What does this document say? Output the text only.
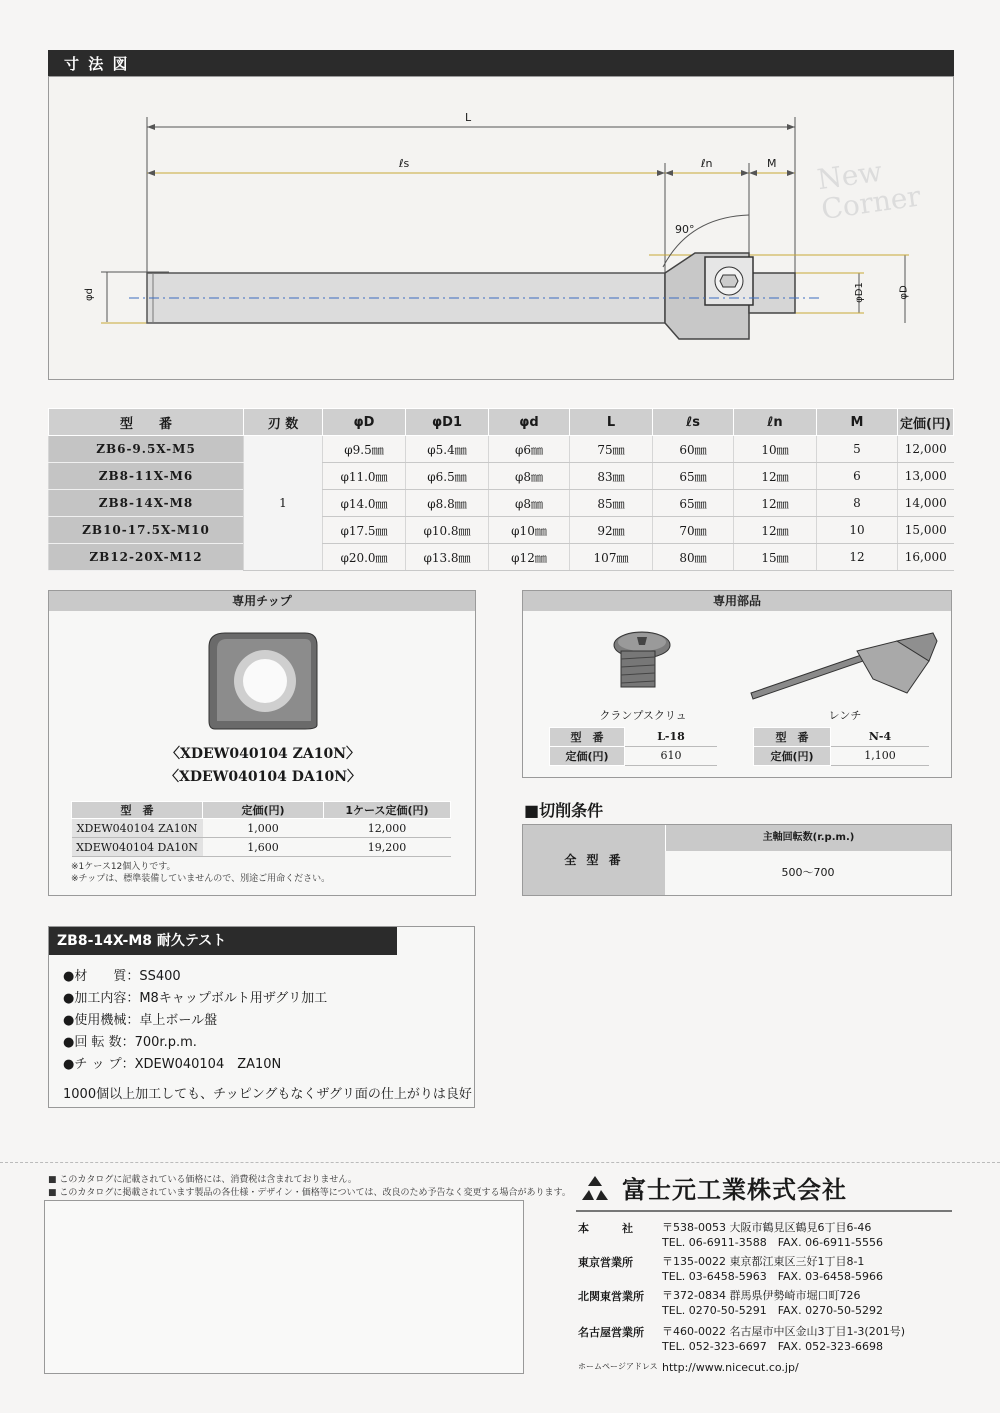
寸 法 図
New Corner
L
ℓs	ℓn	M
90°
φd	φD1	φD
型　　番	刃 数	φD	φD1	φd	L	ℓs	ℓn	M	定価(円)
ZB6-9.5X-M5	1	φ9.5㎜	φ5.4㎜	φ6㎜	75㎜	60㎜	10㎜	5	12,000
ZB8-11X-M6		φ11.0㎜	φ6.5㎜	φ8㎜	83㎜	65㎜	12㎜	6	13,000
ZB8-14X-M8		φ14.0㎜	φ8.8㎜	φ8㎜	85㎜	65㎜	12㎜	8	14,000
ZB10-17.5X-M10		φ17.5㎜	φ10.8㎜	φ10㎜	92㎜	70㎜	12㎜	10	15,000
ZB12-20X-M12		φ20.0㎜	φ13.8㎜	φ12㎜	107㎜	80㎜	15㎜	12	16,000
専用チップ
〈XDEW040104 ZA10N〉
〈XDEW040104 DA10N〉
型　番	定価(円)	1ケース定価(円)
XDEW040104 ZA10N	1,000	12,000
XDEW040104 DA10N	1,600	19,200
※1ケース12個入りです。
※チップは、標準装備していませんので、別途ご用命ください。
専用部品
クランプスクリュ	レンチ
型　番	L-18
定価(円)	610
型　番	N-4
定価(円)	1,100
■切削条件
全 型 番
主軸回転数(r.p.m.)
500〜700
ZB8-14X-M8 耐久テスト
●材　　質：SS400
●加工内容：M8キャップボルト用ザグリ加工
●使用機械：卓上ボール盤
●回 転 数：700r.p.m.
●チ ッ プ：XDEW040104　ZA10N
1000個以上加工しても、チッピングもなくザグリ面の仕上がりは良好
■ このカタログに記載されている価格には、消費税は含まれておりません。
■ このカタログに掲載されています製品の各仕様・デザイン・価格等については、改良のため予告なく変更する場合があります。 富士元工業株式会社
本　　　社	〒538-0053 大阪市鶴見区鶴見6丁目6-46
TEL. 06-6911-3588　FAX. 06-6911-5556
東京営業所	〒135-0022 東京都江東区三好1丁目8-1
TEL. 03-6458-5963　FAX. 03-6458-5966
北関東営業所 〒372-0834 群馬県伊勢崎市堀口町726
TEL. 0270-50-5291　FAX. 0270-50-5292
名古屋営業所 〒460-0022 名古屋市中区金山3丁目1-3(201号)
TEL. 052-323-6697　FAX. 052-323-6698
ホームページアドレス http://www.nicecut.co.jp/
